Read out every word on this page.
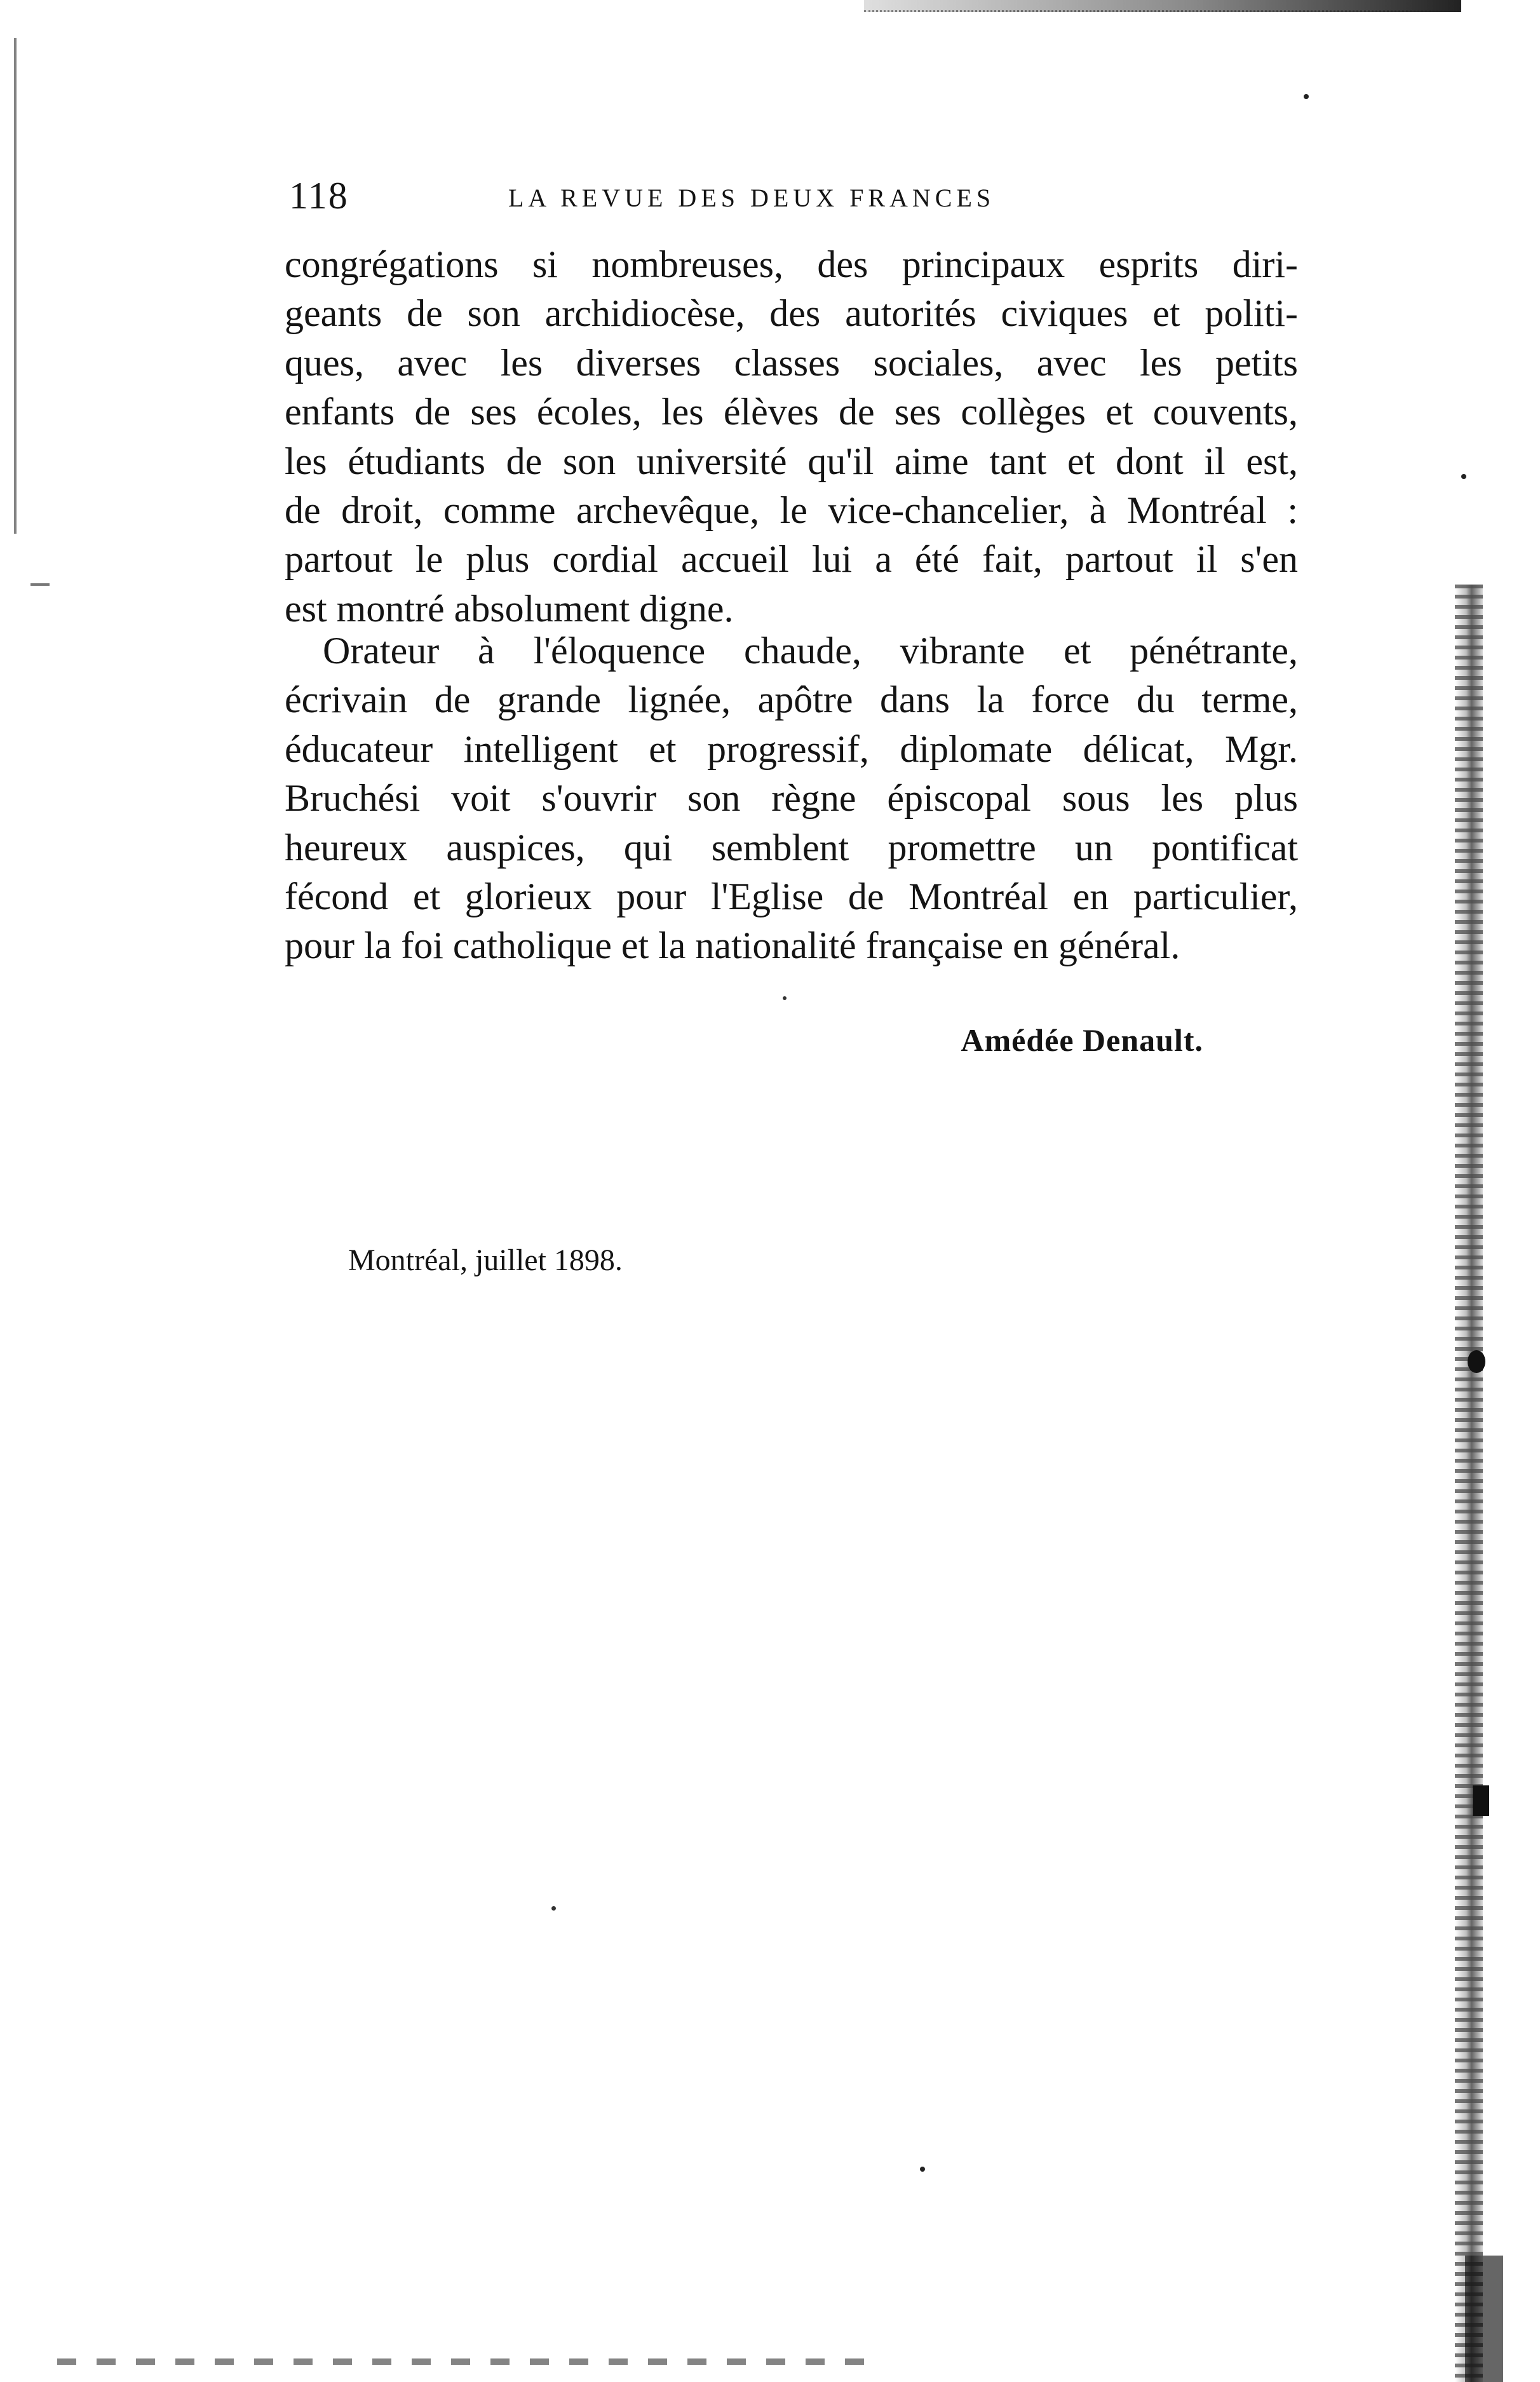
118	LA REVUE DES DEUX FRANCES
congrégations si nombreuses, des principaux esprits diri-
geants de son archidiocèse, des autorités civiques et politi-
ques, avec les diverses classes sociales, avec les petits
enfants de ses écoles, les élèves de ses collèges et couvents,
les étudiants de son université qu'il aime tant et dont il est,
de droit, comme archevêque, le vice-chancelier, à Montréal :
partout le plus cordial accueil lui a été fait, partout il s'en
est montré absolument digne.
Orateur à l'éloquence chaude, vibrante et pénétrante,
écrivain de grande lignée, apôtre dans la force du terme,
éducateur intelligent et progressif, diplomate délicat, Mgr.
Bruchési voit s'ouvrir son règne épiscopal sous les plus
heureux auspices, qui semblent promettre un pontificat
fécond et glorieux pour l'Eglise de Montréal en particulier,
pour la foi catholique et la nationalité française en général.
Amédée Denault.
Montréal, juillet 1898.
